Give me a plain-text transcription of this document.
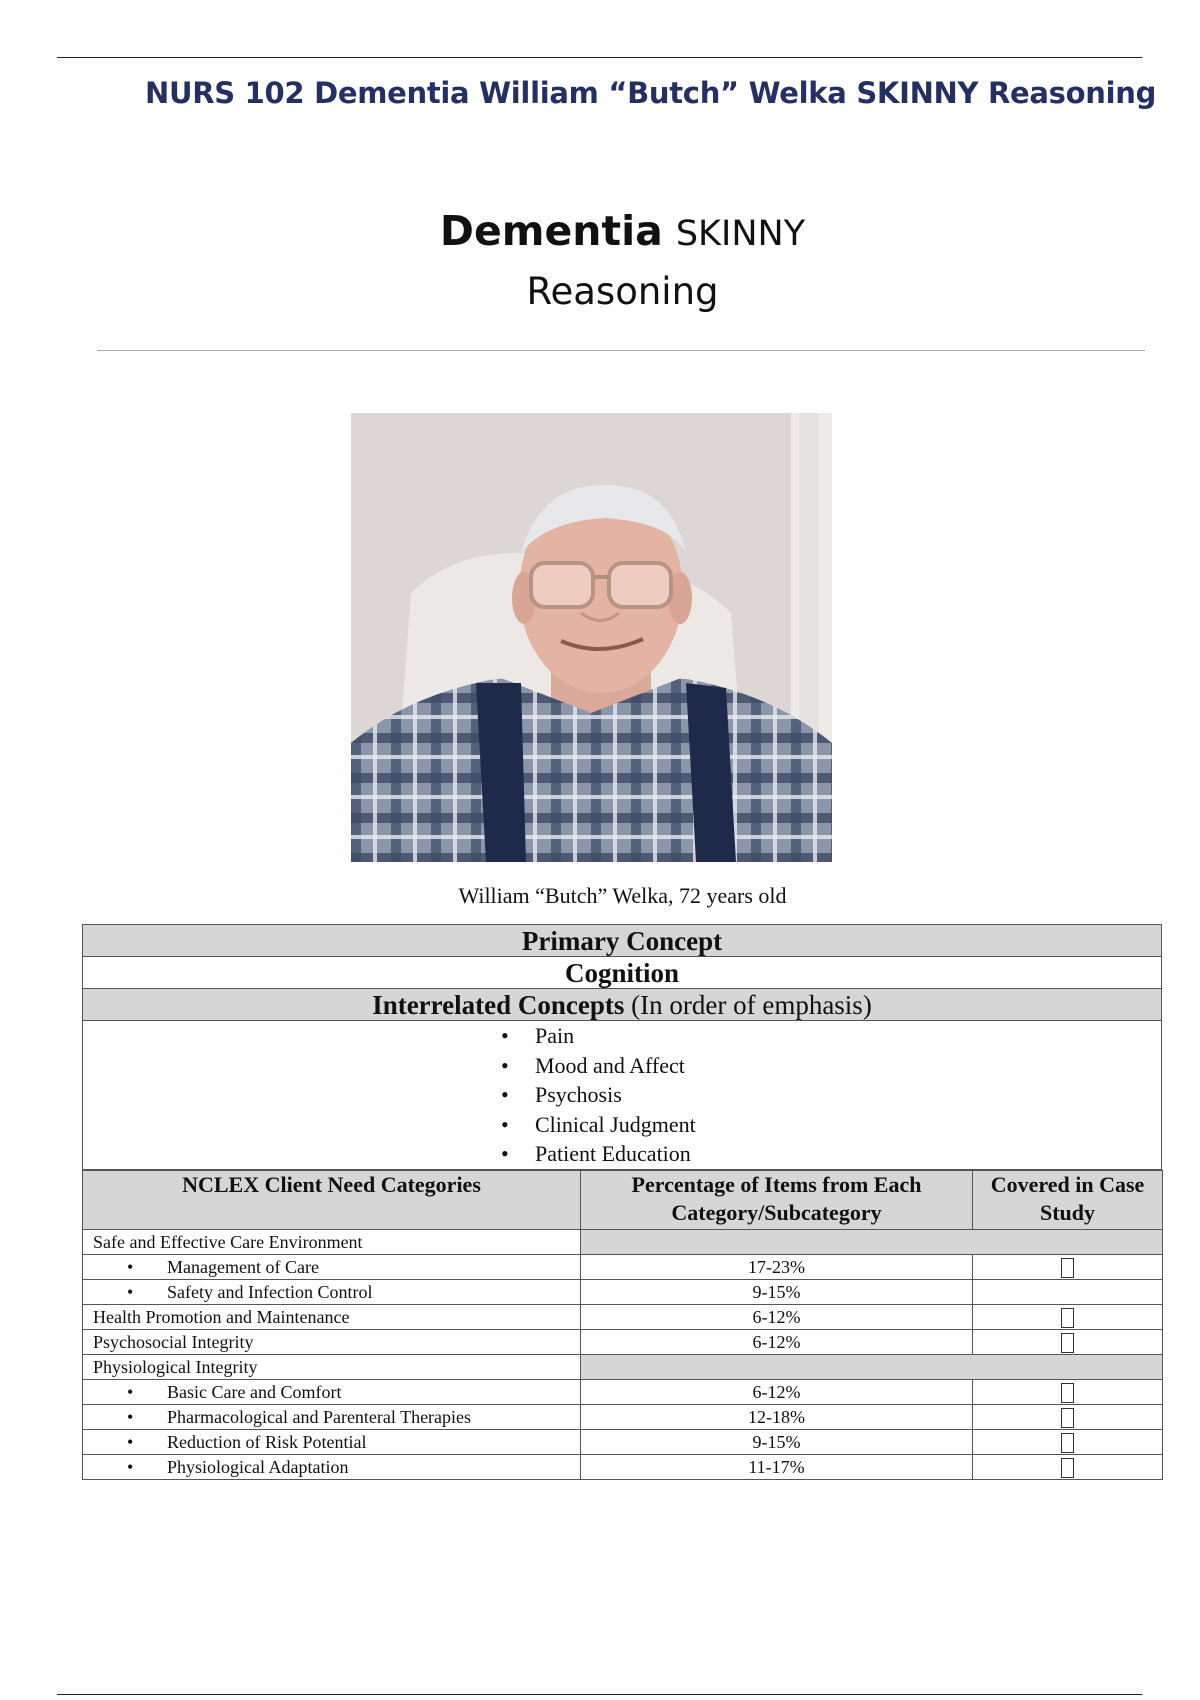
NURS 102 Dementia William “Butch” Welka SKINNY Reasoning
Dementia SKINNY
Reasoning
William “Butch” Welka, 72 years old
Primary Concept
Cognition
Interrelated Concepts (In order of emphasis)

• Pain
• Mood and Affect
• Psychosis
• Clinical Judgment
• Patient Education
NCLEX Client Need Categories	Percentage of Items from Each Category/Subcategory	Covered in Case Study
Safe and Effective Care Environment		

• Management of Care	17-23%	

• Safety and Infection Control	9-15%	
Health Promotion and Maintenance	6-12%	
Psychosocial Integrity	6-12%	
Physiological Integrity		

• Basic Care and Comfort	6-12%	

• Pharmacological and Parenteral Therapies	12-18%	

• Reduction of Risk Potential	9-15%	

• Physiological Adaptation	11-17%	
